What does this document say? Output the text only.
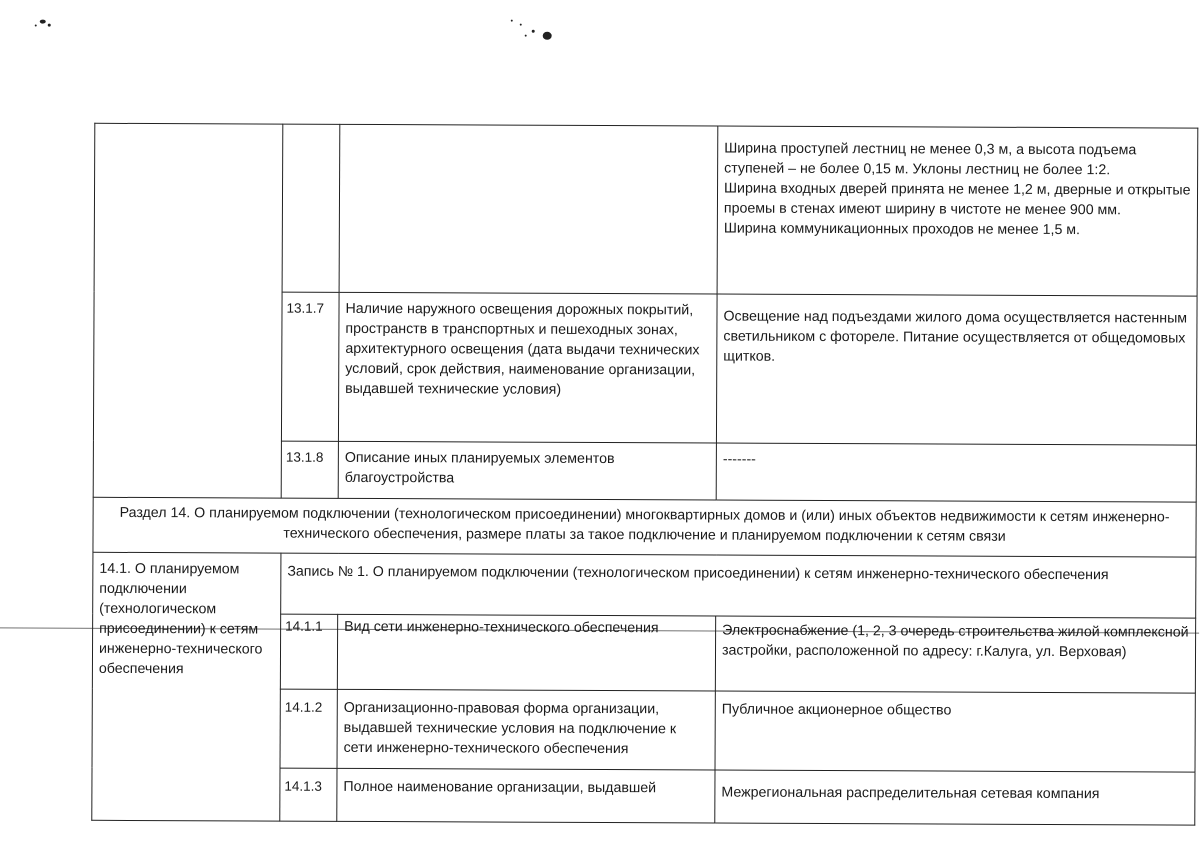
			Ширина проступей лестниц не менее 0,3 м, а высота подъема ступеней – не более 0,15 м. Уклоны лестниц не более 1:2.
Ширина входных дверей принята не менее 1,2 м, дверные и открытые проемы в стенах имеют ширину в чистоте не менее 900 мм.
Ширина коммуникационных проходов не менее 1,5 м.

	13.1.7	Наличие наружного освещения дорожных покрытий, пространств в транспортных и пешеходных зонах, архитектурного освещения (дата выдачи технических условий, срок действия, наименование организации, выдавшей технические условия)	Освещение над подъездами жилого дома осуществляется настенным светильником с фотореле. Питание осуществляется от общедомовых щитков.
	13.1.8	Описание иных планируемых элементов благоустройства	-------
Раздел 14. О планируемом подключении (технологическом присоединении) многоквартирных домов и (или) иных объектов недвижимости к сетям инженерно-технического обеспечения, размере платы за такое подключение и планируемом подключении к сетям связи			
14.1. О планируемом подключении (технологическом присоединении) к сетям инженерно-технического обеспечения	Запись № 1. О планируемом подключении (технологическом присоединении) к сетям инженерно-технического обеспечения		
	14.1.1	Вид сети инженерно-технического обеспечения	Электроснабжение (1, 2, 3 очередь строительства жилой комплексной застройки, расположенной по адресу: г.Калуга, ул. Верховая)
	14.1.2	Организационно-правовая форма организации, выдавшей технические условия на подключение к сети инженерно-технического обеспечения	Публичное акционерное общество
	14.1.3	Полное наименование организации, выдавшей	Межрегиональная распределительная сетевая компания
